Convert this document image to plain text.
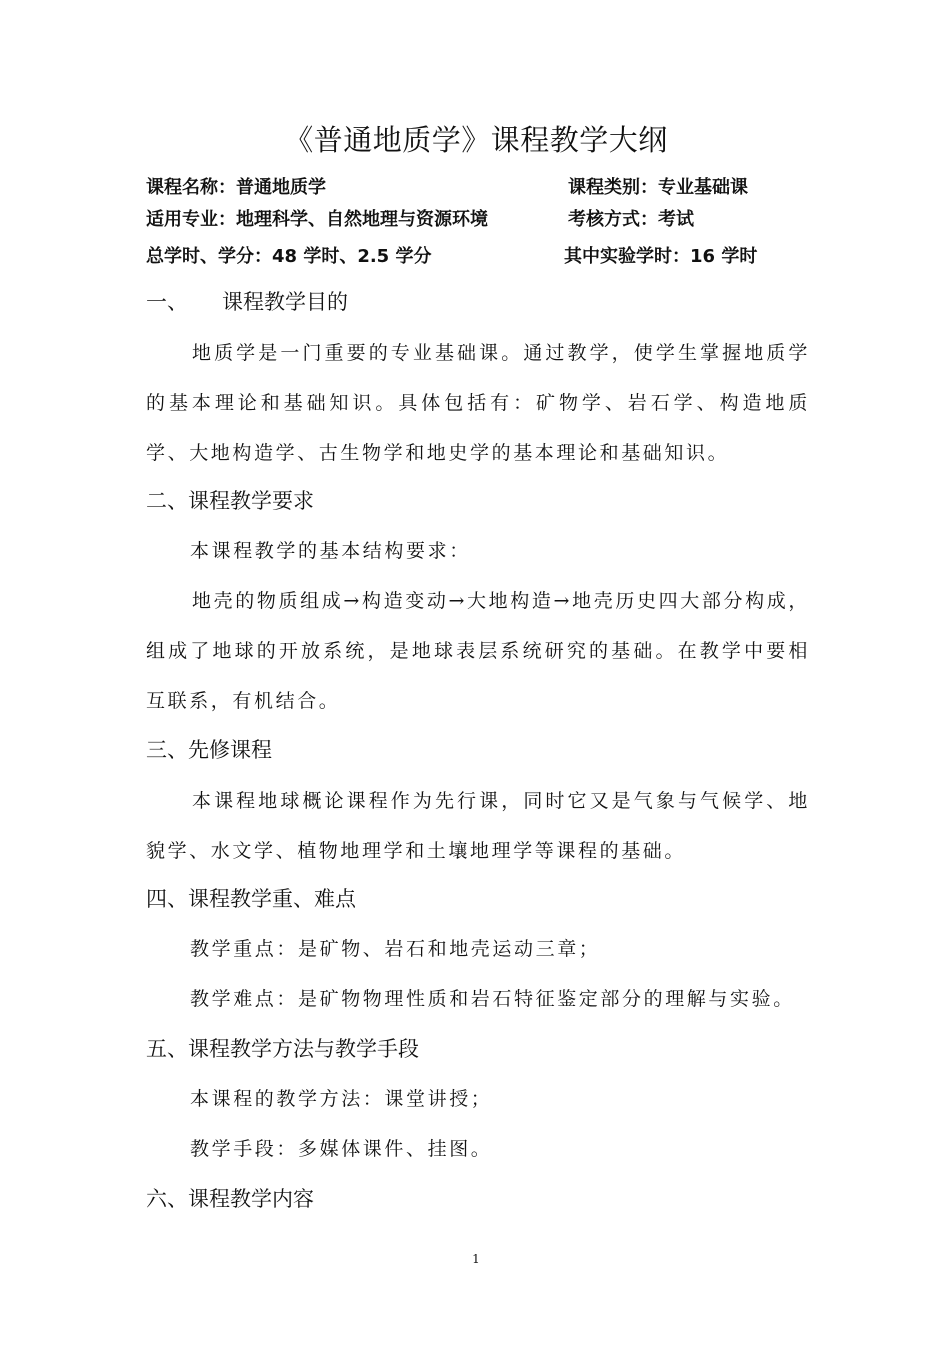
《普通地质学》课程教学大纲
课程名称：普通地质学	课程类别：专业基础课
适用专业：地理科学、自然地理与资源环境	考核方式：考试
总学时、学分：48 学时、2.5 学分	其中实验学时：16 学时
一、 课程教学目的
地质学是一门重要的专业基础课。通过教学，使学生掌握地质学的基本理论和基础知识。具体包括有：矿物学、岩石学、构造地质学、大地构造学、古生物学和地史学的基本理论和基础知识。
二、课程教学要求
本课程教学的基本结构要求：
地壳的物质组成→构造变动→大地构造→地壳历史四大部分构成，组成了地球的开放系统，是地球表层系统研究的基础。在教学中要相互联系，有机结合。
三、先修课程
本课程地球概论课程作为先行课，同时它又是气象与气候学、地貌学、水文学、植物地理学和土壤地理学等课程的基础。
四、课程教学重、难点
教学重点：是矿物、岩石和地壳运动三章；
教学难点：是矿物物理性质和岩石特征鉴定部分的理解与实验。
五、课程教学方法与教学手段
本课程的教学方法：课堂讲授；
教学手段：多媒体课件、挂图。
六、课程教学内容
1
